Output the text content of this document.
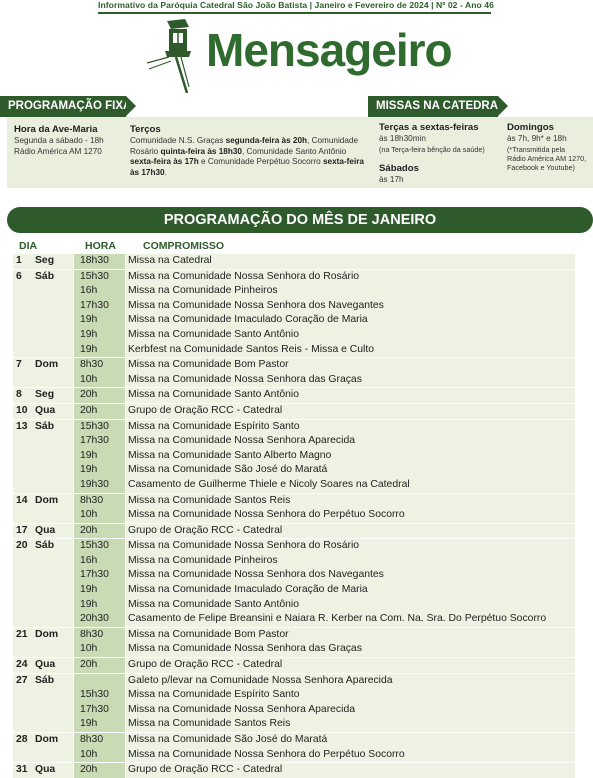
Informativo da Paróquia Catedral São João Batista | Janeiro e Fevereiro de 2024 | Nº 02 - Ano 46
Mensageiro
PROGRAMAÇÃO FIXA
Hora da Ave-Maria
Segunda a sábado - 18h
Rádio América AM 1270
Terços
Comunidade N.S. Graças segunda-feira às 20h, Comunidade Rosário quinta-feira às 18h30, Comunidade Santo Antônio sexta-feira às 17h e Comunidade Perpétuo Socorro sexta-feira às 17h30.
MISSAS NA CATEDRAL
Terças a sextas-feiras
às 18h30min
(na Terça-feira bênção da saúde)
Sábados
às 17h
Domingos
às 7h, 9h* e 18h
(*Transmitida pela
Rádio América AM 1270,
Facebook e Youtube)
PROGRAMAÇÃO DO MÊS DE JANEIRO
DIA	HORA	COMPROMISSO
1 Seg 18h30 Missa na Catedral
6 Sáb 15h30 Missa na Comunidade Nossa Senhora do Rosário
16h	Missa na Comunidade Pinheiros
17h30 Missa na Comunidade Nossa Senhora dos Navegantes
19h	Missa na Comunidade Imaculado Coração de Maria
19h	Missa na Comunidade Santo Antônio
19h	Kerbfest na Comunidade Santos Reis - Missa e Culto
7 Dom 8h30 Missa na Comunidade Bom Pastor
10h	Missa na Comunidade Nossa Senhora das Graças
8 Seg 20h	Missa na Comunidade Santo Antônio
10 Qua 20h	Grupo de Oração RCC - Catedral
13 Sáb 15h30 Missa na Comunidade Espírito Santo
17h30 Missa na Comunidade Nossa Senhora Aparecida
19h	Missa na Comunidade Santo Alberto Magno
19h	Missa na Comunidade São José do Maratá
19h30 Casamento de Guilherme Thiele e Nicoly Soares na Catedral
14 Dom 8h30 Missa na Comunidade Santos Reis
10h	Missa na Comunidade Nossa Senhora do Perpétuo Socorro
17 Qua 20h	Grupo de Oração RCC - Catedral
20 Sáb 15h30 Missa na Comunidade Nossa Senhora do Rosário
16h	Missa na Comunidade Pinheiros
17h30 Missa na Comunidade Nossa Senhora dos Navegantes
19h	Missa na Comunidade Imaculado Coração de Maria
19h	Missa na Comunidade Santo Antônio
20h30 Casamento de Felipe Breansini e Naiara R. Kerber na Com. Na. Sra. Do Perpétuo Socorro
21 Dom 8h30 Missa na Comunidade Bom Pastor
10h	Missa na Comunidade Nossa Senhora das Graças
24 Qua 20h	Grupo de Oração RCC - Catedral
27 Sáb	Galeto p/levar na Comunidade Nossa Senhora Aparecida
15h30 Missa na Comunidade Espírito Santo
17h30 Missa na Comunidade Nossa Senhora Aparecida
19h	Missa na Comunidade Santos Reis
28 Dom 8h30 Missa na Comunidade São José do Maratá
10h	Missa na Comunidade Nossa Senhora do Perpétuo Socorro
31 Qua 20h	Grupo de Oração RCC - Catedral
